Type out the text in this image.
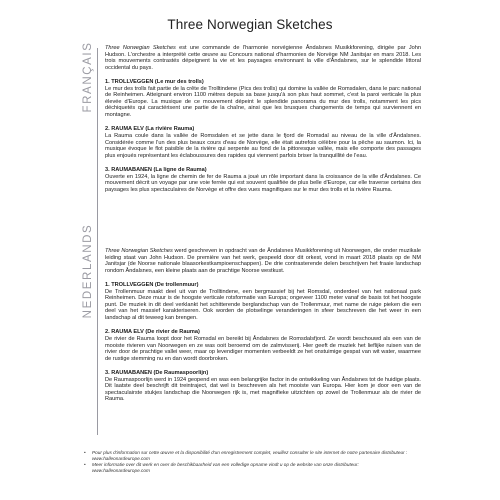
Three Norwegian Sketches
FRANÇAIS Three Norwegian Sketches est une commande de l'harmonie norvégienne Åndalsnes Musikkforening, dirigée par John Hudson. L'orchestre a interprété cette œuvre au Concours national d'harmonies de Norvège NM Janitsjar en mars 2018. Les trois mouvements contrastés dépeignent la vie et les paysages environnant la ville d'Åndalsnes, sur le splendide littoral occidental du pays.

1. TROLLVEGGEN (Le mur des trolls)

Le mur des trolls fait partie de la crête de Trolltindene (Pics des trolls) qui domine la vallée de Romsdalen, dans le parc national de Reinheimen. Atteignant environ 1100 mètres depuis sa base jusqu'à son plus haut sommet, c'est la paroi verticale la plus élevée d'Europe. La musique de ce mouvement dépeint le splendide panorama du mur des trolls, notamment les pics déchiquetés qui caractérisent une partie de la chaîne, ainsi que les brusques changements de temps qui surviennent en montagne.

2. RAUMA ELV (La rivière Rauma)

La Rauma coule dans la vallée de Romsdalen et se jette dans le fjord de Romsdal au niveau de la ville d'Åndalsnes. Considérée comme l'un des plus beaux cours d'eau de Norvège, elle était autrefois célèbre pour la pêche au saumon. Ici, la musique évoque le flot paisible de la rivière qui serpente au fond de la pittoresque vallée, mais elle comporte des passages plus enjoués représentant les éclaboussures des rapides qui viennent parfois briser la tranquillité de l'eau.

3. RAUMABANEN (La ligne de Rauma)

Ouverte en 1924, la ligne de chemin de fer de Rauma a joué un rôle important dans la croissance de la ville d'Åndalsnes. Ce mouvement décrit un voyage par une voie ferrée qui est souvent qualifiée de plus belle d'Europe, car elle traverse certains des paysages les plus spectaculaires de Norvège et offre des vues magnifiques sur le mur des trolls et la rivière Rauma.

NEDERLANDS Three Norwegian Sketches werd geschreven in opdracht van de Åndalsnes Musikkforening uit Noorwegen, die onder muzikale leiding staat van John Hudson. De première van het werk, gespeeld door dit orkest, vond in maart 2018 plaats op de NM Janitsjar (de Noorse nationale blaasorkestkampioenschappen). De drie contrasterende delen beschrijven het fraaie landschap rondom Åndalsnes, een kleine plaats aan de prachtige Noorse westkust.

1. TROLLVEGGEN (De trollenmuur)

De Trollenmuur maakt deel uit van de Trolltindene, een bergmassief bij het Romsdal, onderdeel van het nationaal park Reinheimen. Deze muur is de hoogste verticale rotsformatie van Europa; ongeveer 1100 meter vanaf de basis tot het hoogste punt. De muziek in dit deel verklankt het schitterende berglandschap van de Trollenmuur, met name de ruige pieken die een deel van het massief karakteriseren. Ook worden de plotselinge veranderingen in sfeer beschreven die het weer in een landschap al dit teweeg kan brengen.

2. RAUMA ELV (De rivier de Rauma)

De rivier de Rauma loopt door het Romsdal en bereikt bij Åndalsnes de Romsdalsfjord. Ze wordt beschouwd als een van de mooiste rivieren van Noorwegen en ze was ooit beroemd om de zalmvisserij. Hier geeft de muziek het lieflijke ruisen van de rivier door de prachtige vallei weer, maar op levendiger momenten verbeeldt ze het onstuimige gespat van wit water, waarmee de rustige stemming nu en dan wordt doorbroken.

3. RAUMABANEN (De Raumaspoorlijn)

De Raumaspoorlijn werd in 1924 geopend en was een belangrijke factor in de ontwikkeling van Åndalsnes tot de huidige plaats. Dit laatste deel beschrijft dit treintraject, dat wel is beschreven als het mooiste van Europa. Hier kom je door een van de spectaculairste stukjes landschap die Noorwegen rijk is, met magnifieke uitzichten op zowel de Trollenmuur als de rivier de Rauma.

•	Pour plus d'information sur cette œuvre et la disponibilité d'un enregistrement complet, veuillez consulter le site internet de notre partenaire distributeur : www.halleonardeurope.com
•	Meer informatie over dit werk en over de beschikbaarheid van een volledige opname vindt u op de website van onze distributeur: www.halleonardeurope.com
